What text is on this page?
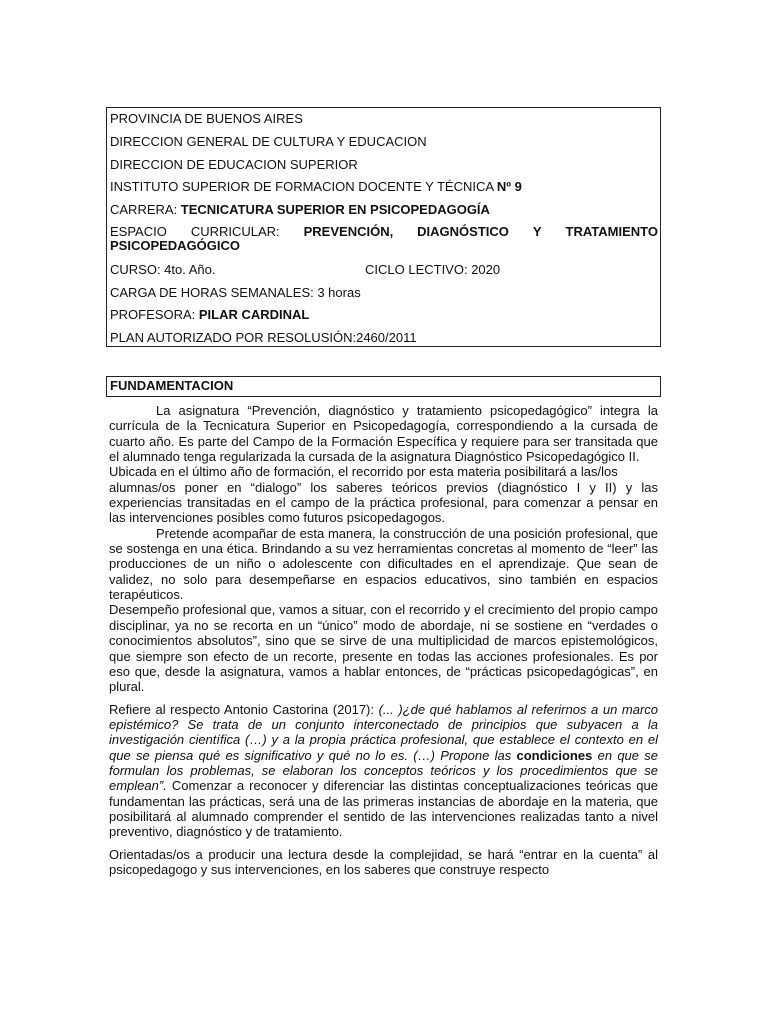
PROVINCIA DE BUENOS AIRES
DIRECCION GENERAL DE CULTURA Y EDUCACION
DIRECCION DE EDUCACION SUPERIOR
INSTITUTO SUPERIOR DE FORMACION DOCENTE Y TÉCNICA Nº 9
CARRERA: TECNICATURA SUPERIOR EN PSICOPEDAGOGÍA
ESPACIO CURRICULAR: PREVENCIÓN, DIAGNÓSTICO Y TRATAMIENTO
PSICOPEDAGÓGICO
CURSO: 4to. Año.	CICLO LECTIVO: 2020
CARGA DE HORAS SEMANALES: 3 horas
PROFESORA: PILAR CARDINAL
PLAN AUTORIZADO POR RESOLUSIÓN:2460/2011
FUNDAMENTACION

La asignatura “Prevención, diagnóstico y tratamiento psicopedagógico” integra la currícula de la Tecnicatura Superior en Psicopedagogía, correspondiendo a la cursada de cuarto año. Es parte del Campo de la Formación Específica y requiere para ser transitada que el alumnado tenga regularizada la cursada de la asignatura Diagnóstico Psicopedagógico II.

Ubicada en el último año de formación, el recorrido por esta materia posibilitará a las/los

alumnas/os poner en “dialogo” los saberes teóricos previos (diagnóstico I y II) y las experiencias transitadas en el campo de la práctica profesional, para comenzar a pensar en las intervenciones posibles como futuros psicopedagogos.

Pretende acompañar de esta manera, la construcción de una posición profesional, que se sostenga en una ética. Brindando a su vez herramientas concretas al momento de “leer” las producciones de un niño o adolescente con dificultades en el aprendizaje. Que sean de validez, no solo para desempeñarse en espacios educativos, sino también en espacios terapéuticos.

Desempeño profesional que, vamos a situar, con el recorrido y el crecimiento del propio campo disciplinar, ya no se recorta en un “único” modo de abordaje, ni se sostiene en “verdades o conocimientos absolutos”, sino que se sirve de una multiplicidad de marcos epistemológicos, que siempre son efecto de un recorte, presente en todas las acciones profesionales. Es por eso que, desde la asignatura, vamos a hablar entonces, de “prácticas psicopedagógicas”, en plural.

Refiere al respecto Antonio Castorina (2017): (... )¿de qué hablamos al referirnos a un marco epistémico? Se trata de un conjunto interconectado de principios que subyacen a la investigación científica (…) y a la propia práctica profesional, que establece el contexto en el que se piensa qué es significativo y qué no lo es. (…) Propone las condiciones en que se formulan los problemas, se elaboran los conceptos teóricos y los procedimientos que se emplean”. Comenzar a reconocer y diferenciar las distintas conceptualizaciones teóricas que fundamentan las prácticas, será una de las primeras instancias de abordaje en la materia, que posibilitará al alumnado comprender el sentido de las intervenciones realizadas tanto a nivel preventivo, diagnóstico y de tratamiento.

Orientadas/os a producir una lectura desde la complejidad, se hará “entrar en la cuenta” al psicopedagogo y sus intervenciones, en los saberes que construye respecto
